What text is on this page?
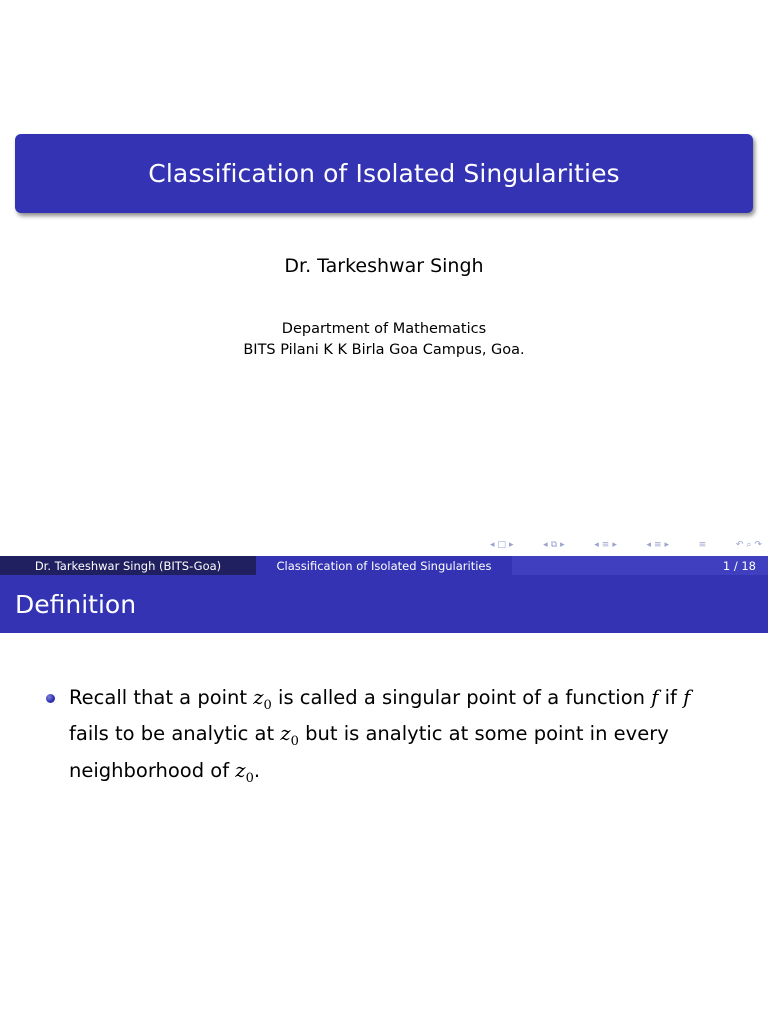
Classification of Isolated Singularities
Dr. Tarkeshwar Singh
Department of Mathematics
BITS Pilani K K Birla Goa Campus, Goa.
◂ □ ▸	◂ ⧉ ▸	◂ ≡ ▸	◂ ≡ ▸	≡	↶ ⌕ ↷
Dr. Tarkeshwar Singh (BITS-Goa)	Classification of Isolated Singularities	1 / 18
Definition
Recall that a point $z_0$ is called a singular point of a function f if f
fails to be analytic at $z_0$ but is analytic at some point in every
neighborhood of $z_0$.
